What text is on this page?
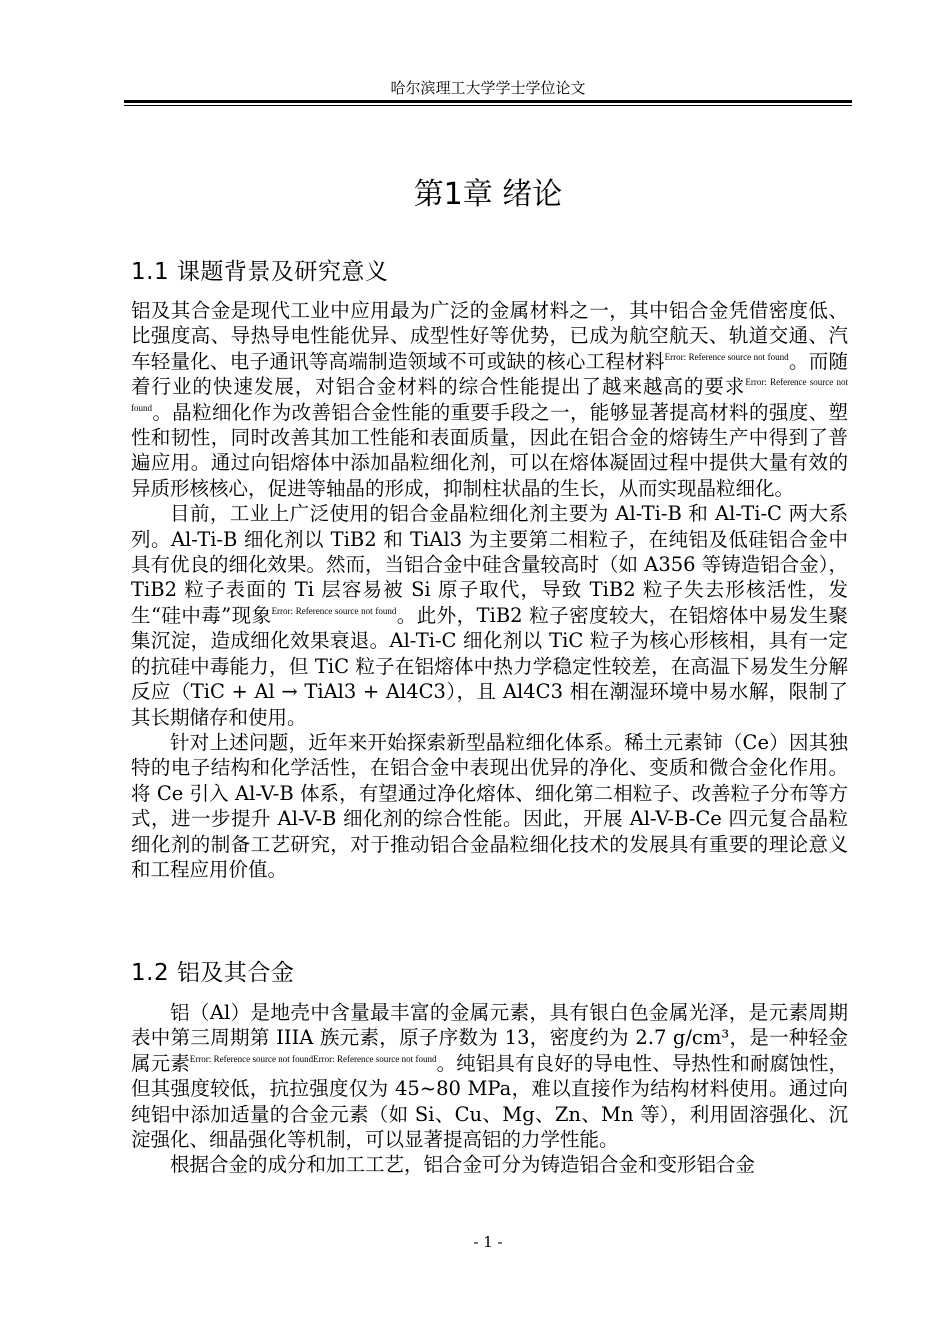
哈尔滨理工大学学士学位论文
第1章 绪论
1.1 课题背景及研究意义

铝及其合金是现代工业中应用最为广泛的金属材料之一，其中铝合金凭借密度低、比强度高、导热导电性能优异、成型性好等优势，已成为航空航天、轨道交通、汽车轻量化、电子通讯等高端制造领域不可或缺的核心工程材料$^{Error: Reference source not found}$。而随着行业的快速发展，对铝合金材料的综合性能提出了越来越高的要求$^{Error: Reference source not found}$。晶粒细化作为改善铝合金性能的重要手段之一，能够显著提高材料的强度、塑性和韧性，同时改善其加工性能和表面质量，因此在铝合金的熔铸生产中得到了普遍应用。通过向铝熔体中添加晶粒细化剂，可以在熔体凝固过程中提供大量有效的异质形核核心，促进等轴晶的形成，抑制柱状晶的生长，从而实现晶粒细化。

目前，工业上广泛使用的铝合金晶粒细化剂主要为 Al-Ti-B 和 Al-Ti-C 两大系列。Al-Ti-B 细化剂以 TiB2 和 TiAl3 为主要第二相粒子，在纯铝及低硅铝合金中具有优良的细化效果。然而，当铝合金中硅含量较高时（如 A356 等铸造铝合金），TiB2 粒子表面的 Ti 层容易被 Si 原子取代，导致 TiB2 粒子失去形核活性，发生“硅中毒”现象$^{Error: Reference source not found}$。此外，TiB2 粒子密度较大，在铝熔体中易发生聚集沉淀，造成细化效果衰退。Al-Ti-C 细化剂以 TiC 粒子为核心形核相，具有一定的抗硅中毒能力，但 TiC 粒子在铝熔体中热力学稳定性较差，在高温下易发生分解反应（TiC + Al → TiAl3 + Al4C3），且 Al4C3 相在潮湿环境中易水解，限制了其长期储存和使用。

针对上述问题，近年来开始探索新型晶粒细化体系。稀土元素铈（Ce）因其独特的电子结构和化学活性，在铝合金中表现出优异的净化、变质和微合金化作用。将 Ce 引入 Al-V-B 体系，有望通过净化熔体、细化第二相粒子、改善粒子分布等方式，进一步提升 Al-V-B 细化剂的综合性能。因此，开展 Al-V-B-Ce 四元复合晶粒细化剂的制备工艺研究，对于推动铝合金晶粒细化技术的发展具有重要的理论意义和工程应用价值。

1.2 铝及其合金

铝（Al）是地壳中含量最丰富的金属元素，具有银白色金属光泽，是元素周期表中第三周期第 IIIA 族元素，原子序数为 13，密度约为 2.7 g/cm³，是一种轻金属元素$^{Error: Reference source not foundError: Reference source not found}$。纯铝具有良好的导电性、导热性和耐腐蚀性，但其强度较低，抗拉强度仅为 45~80 MPa，难以直接作为结构材料使用。通过向纯铝中添加适量的合金元素（如 Si、Cu、Mg、Zn、Mn 等），利用固溶强化、沉淀强化、细晶强化等机制，可以显著提高铝的力学性能。

根据合金的成分和加工工艺，铝合金可分为铸造铝合金和变形铝合金

- 1 -
